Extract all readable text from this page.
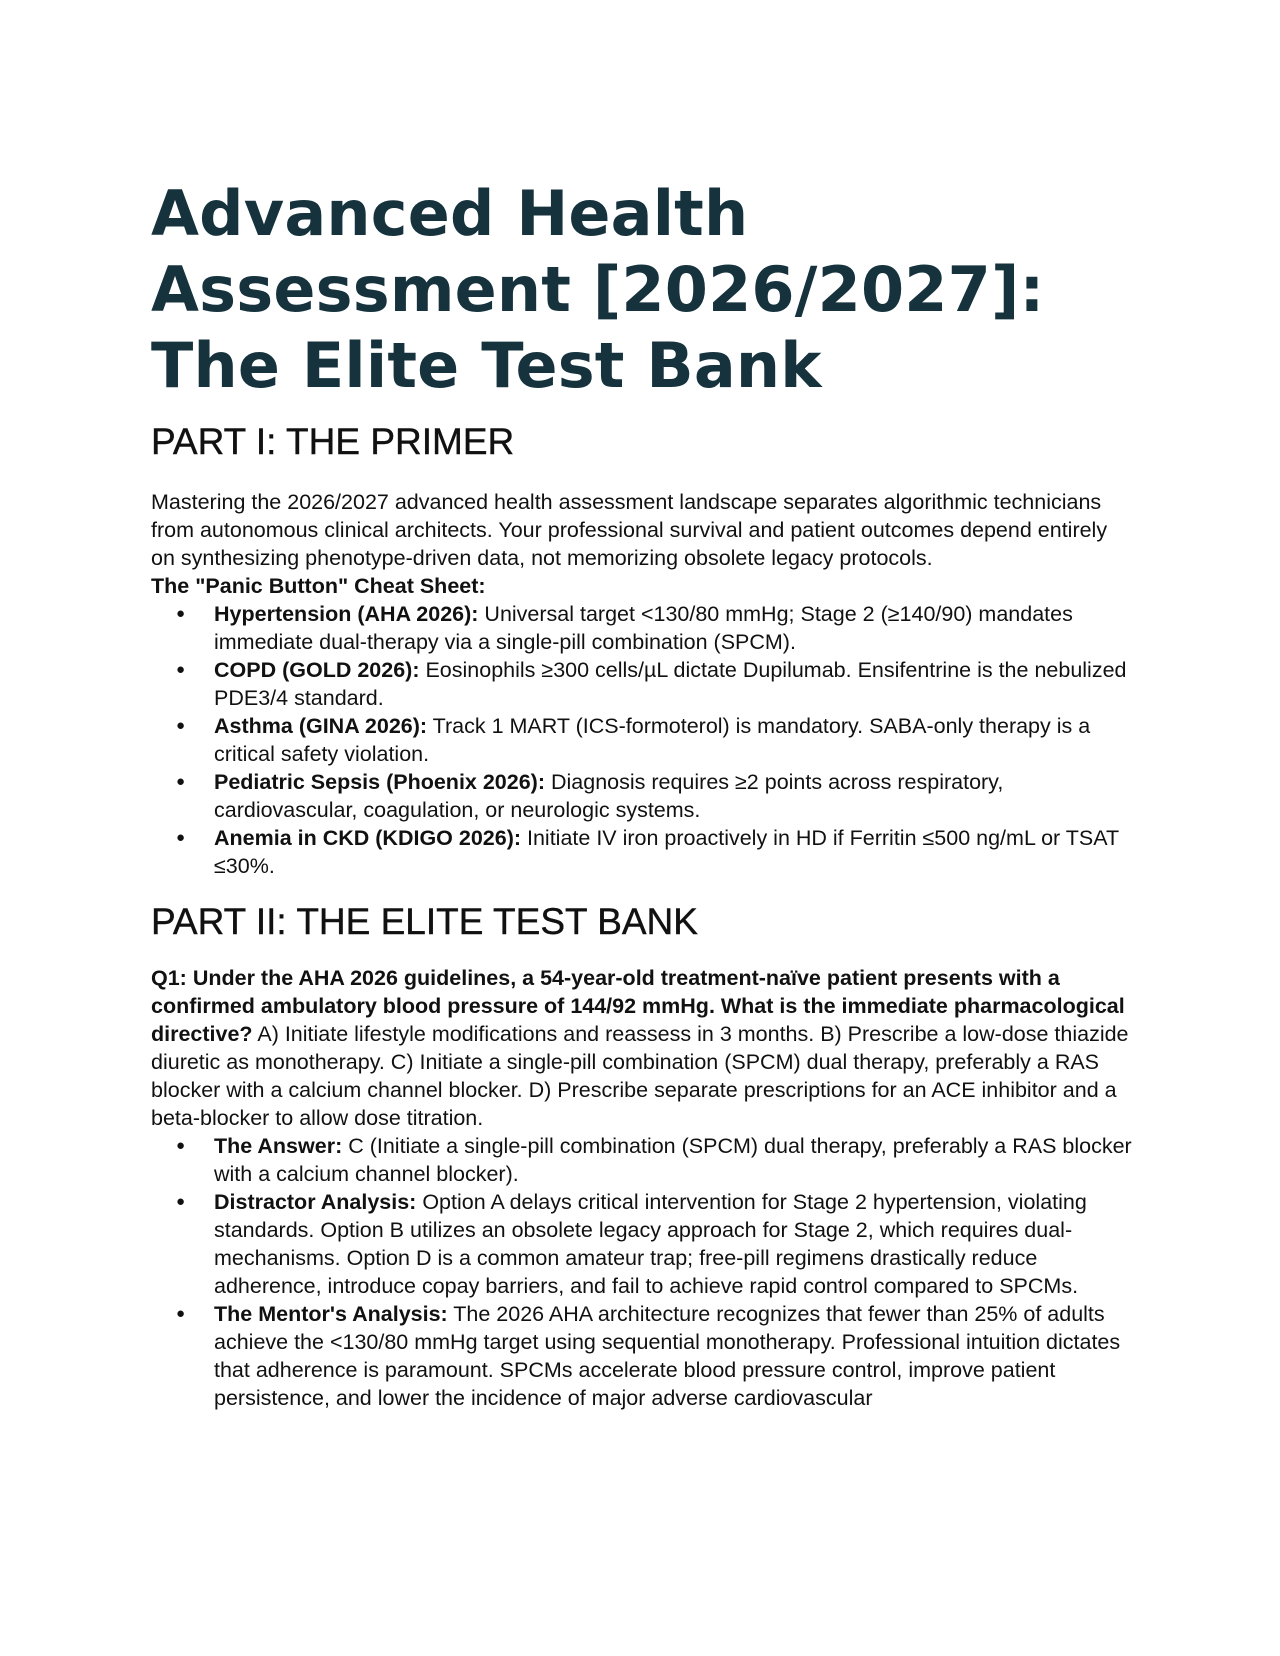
Advanced Health Assessment [2026/2027]: The Elite Test Bank
PART I: THE PRIMER

Mastering the 2026/2027 advanced health assessment landscape separates algorithmic technicians from autonomous clinical architects. Your professional survival and patient outcomes depend entirely on synthesizing phenotype-driven data, not memorizing obsolete legacy protocols.

The "Panic Button" Cheat Sheet:

● Hypertension (AHA 2026): Universal target <130/80 mmHg; Stage 2 (≥140/90) mandates immediate dual-therapy via a single-pill combination (SPCM).
● COPD (GOLD 2026): Eosinophils ≥300 cells/µL dictate Dupilumab. Ensifentrine is the nebulized PDE3/4 standard.
● Asthma (GINA 2026): Track 1 MART (ICS-formoterol) is mandatory. SABA-only therapy is a critical safety violation.
● Pediatric Sepsis (Phoenix 2026): Diagnosis requires ≥2 points across respiratory, cardiovascular, coagulation, or neurologic systems.
● Anemia in CKD (KDIGO 2026): Initiate IV iron proactively in HD if Ferritin ≤500 ng/mL or TSAT ≤30%.
PART II: THE ELITE TEST BANK

Q1: Under the AHA 2026 guidelines, a 54-year-old treatment-naïve patient presents with a confirmed ambulatory blood pressure of 144/92 mmHg. What is the immediate pharmacological directive? A) Initiate lifestyle modifications and reassess in 3 months. B) Prescribe a low-dose thiazide diuretic as monotherapy. C) Initiate a single-pill combination (SPCM) dual therapy, preferably a RAS blocker with a calcium channel blocker. D) Prescribe separate prescriptions for an ACE inhibitor and a beta-blocker to allow dose titration.

● The Answer: C (Initiate a single-pill combination (SPCM) dual therapy, preferably a RAS blocker with a calcium channel blocker).
● Distractor Analysis: Option A delays critical intervention for Stage 2 hypertension, violating standards. Option B utilizes an obsolete legacy approach for Stage 2, which requires dual-mechanisms. Option D is a common amateur trap; free-pill regimens drastically reduce adherence, introduce copay barriers, and fail to achieve rapid control compared to SPCMs.
● The Mentor's Analysis: The 2026 AHA architecture recognizes that fewer than 25% of adults achieve the <130/80 mmHg target using sequential monotherapy. Professional intuition dictates that adherence is paramount. SPCMs accelerate blood pressure control, improve patient persistence, and lower the incidence of major adverse cardiovascular
